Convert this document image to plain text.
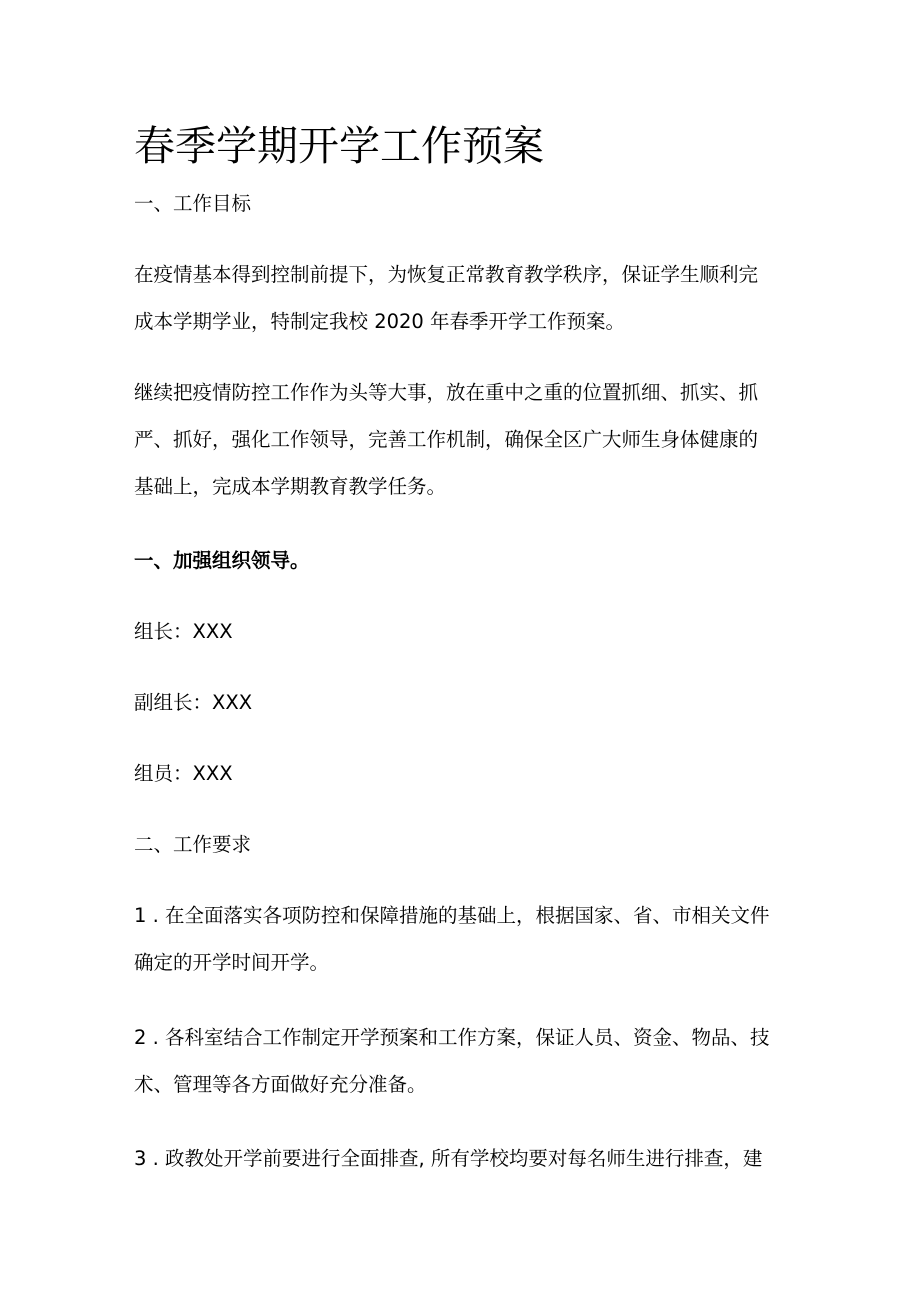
春季学期开学工作预案
一、工作目标
在疫情基本得到控制前提下，为恢复正常教育教学秩序，保证学生顺利完
成本学期学业，特制定我校 2020 年春季开学工作预案。
继续把疫情防控工作作为头等大事，放在重中之重的位置抓细、抓实、抓
严、抓好，强化工作领导，完善工作机制，确保全区广大师生身体健康的
基础上，完成本学期教育教学任务。
一、加强组织领导。
组长：XXX
副组长：XXX
组员：XXX
二、工作要求
1 . 在全面落实各项防控和保障措施的基础上，根据国家、省、市相关文件
确定的开学时间开学。
2 . 各科室结合工作制定开学预案和工作方案，保证人员、资金、物品、技
术、管理等各方面做好充分准备。
3 . 政教处开学前要进行全面排查, 所有学校均要对每名师生进行排查，建
